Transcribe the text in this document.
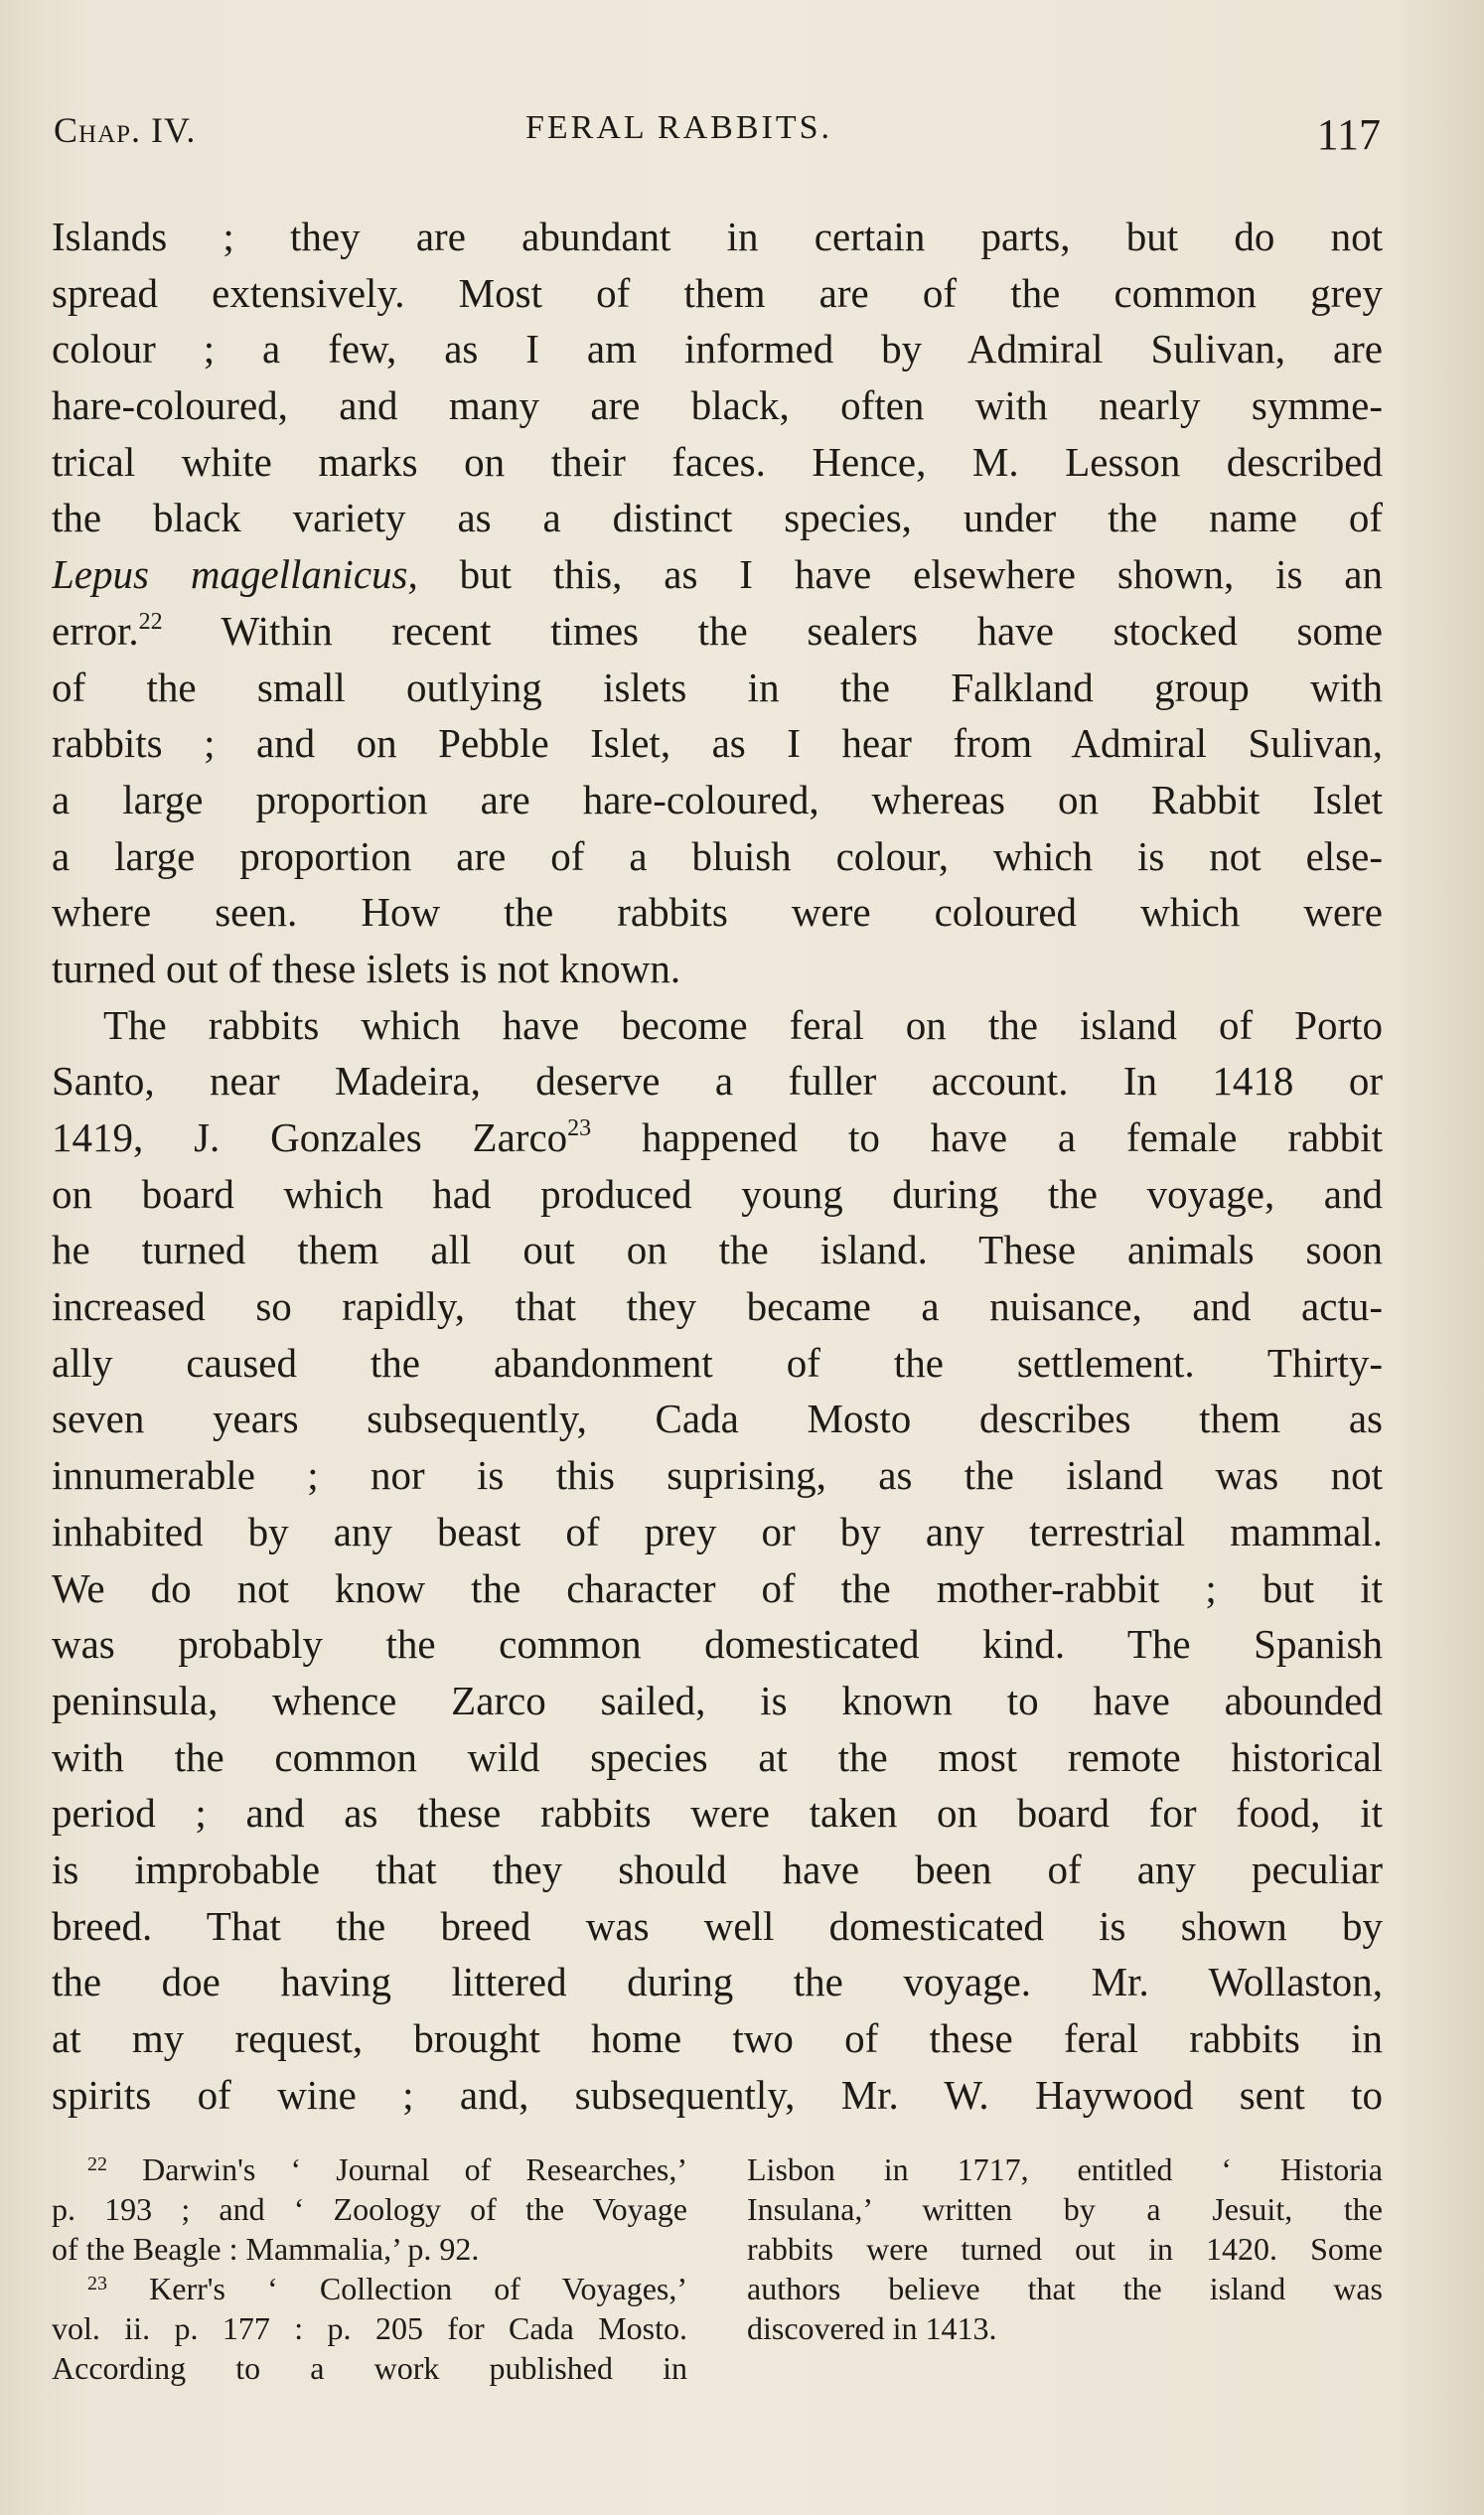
Chap. IV.	FERAL RABBITS.	117

Islands ; they are abundant in certain parts, but do not
spread extensively. Most of them are of the common grey
colour ; a few, as I am informed by Admiral Sulivan, are
hare-coloured, and many are black, often with nearly symme-
trical white marks on their faces. Hence, M. Lesson described
the black variety as a distinct species, under the name of
Lepus magellanicus, but this, as I have elsewhere shown, is an
error.$^{22}$ Within recent times the sealers have stocked some
of the small outlying islets in the Falkland group with
rabbits ; and on Pebble Islet, as I hear from Admiral Sulivan,
a large proportion are hare-coloured, whereas on Rabbit Islet
a large proportion are of a bluish colour, which is not else-
where seen. How the rabbits were coloured which were
turned out of these islets is not known.

The rabbits which have become feral on the island of Porto
Santo, near Madeira, deserve a fuller account. In 1418 or
1419, J. Gonzales Zarco$^{23}$ happened to have a female rabbit
on board which had produced young during the voyage, and
he turned them all out on the island. These animals soon
increased so rapidly, that they became a nuisance, and actu-
ally caused the abandonment of the settlement. Thirty-
seven years subsequently, Cada Mosto describes them as
innumerable ; nor is this suprising, as the island was not
inhabited by any beast of prey or by any terrestrial mammal.
We do not know the character of the mother-rabbit ; but it
was probably the common domesticated kind. The Spanish
peninsula, whence Zarco sailed, is known to have abounded
with the common wild species at the most remote historical
period ; and as these rabbits were taken on board for food, it
is improbable that they should have been of any peculiar
breed. That the breed was well domesticated is shown by
the doe having littered during the voyage. Mr. Wollaston,
at my request, brought home two of these feral rabbits in
spirits of wine ; and, subsequently, Mr. W. Haywood sent to

$^{22}$ Darwin's ‘ Journal of Researches,’
p. 193 ; and ‘ Zoology of the Voyage
of the Beagle : Mammalia,’ p. 92.
$^{23}$ Kerr's ‘ Collection of Voyages,’
vol. ii. p. 177 : p. 205 for Cada Mosto.
According to a work published in
Lisbon in 1717, entitled ‘ Historia
Insulana,’ written by a Jesuit, the
rabbits were turned out in 1420. Some
authors believe that the island was
discovered in 1413.
